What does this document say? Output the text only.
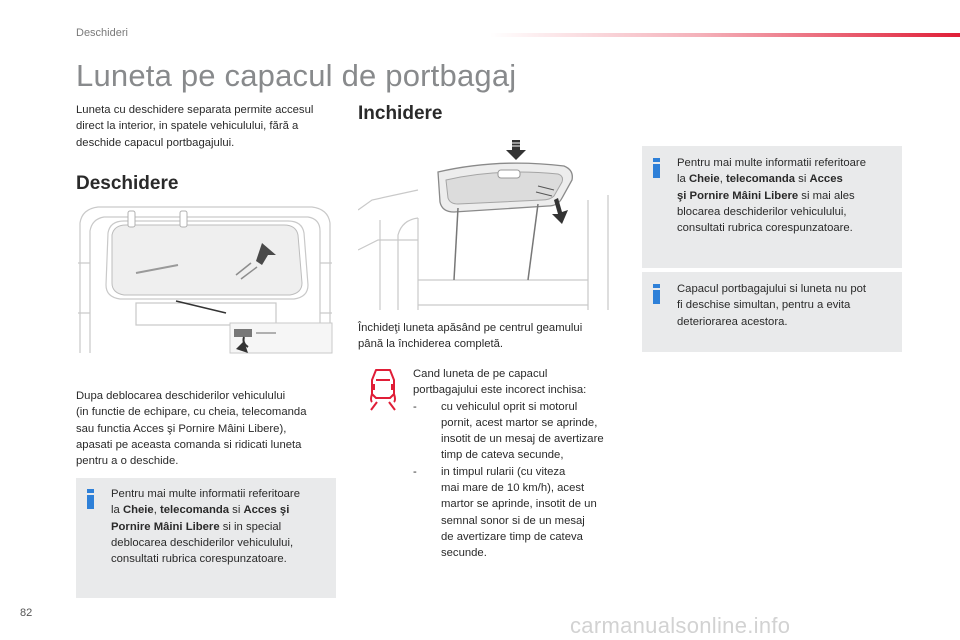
Deschideri
Luneta pe capacul de portbagaj
Luneta cu deschidere separata permite accesul
direct la interior, in spatele vehiculului, fără a
deschide capacul portbagajului.
Deschidere
Dupa deblocarea deschiderilor vehiculului
(in functie de echipare, cu cheia, telecomanda
sau functia Acces şi Pornire Mâini Libere),
apasati pe aceasta comanda si ridicati luneta
pentru a o deschide.
Pentru mai multe informatii referitoare
la Cheie, telecomanda si Acces şi
Pornire Mâini Libere si in special
deblocarea deschiderilor vehiculului,
consultati rubrica corespunzatoare.
Inchidere
Închideţi luneta apăsând pe centrul geamului
până la închiderea completă.
Cand luneta de pe capacul
portbagajului este incorect inchisa:
-	cu vehiculul oprit si motorul
pornit, acest martor se aprinde,
insotit de un mesaj de avertizare
timp de cateva secunde,
-	in timpul rularii (cu viteza
mai mare de 10 km/h), acest
martor se aprinde, insotit de un
semnal sonor si de un mesaj
de avertizare timp de cateva
secunde.
Pentru mai multe informatii referitoare
la Cheie, telecomanda si Acces
şi Pornire Mâini Libere si mai ales
blocarea deschiderilor vehiculului,
consultati rubrica corespunzatoare.
Capacul portbagajului si luneta nu pot
fi deschise simultan, pentru a evita
deteriorarea acestora.
82	carmanualsonline.info
